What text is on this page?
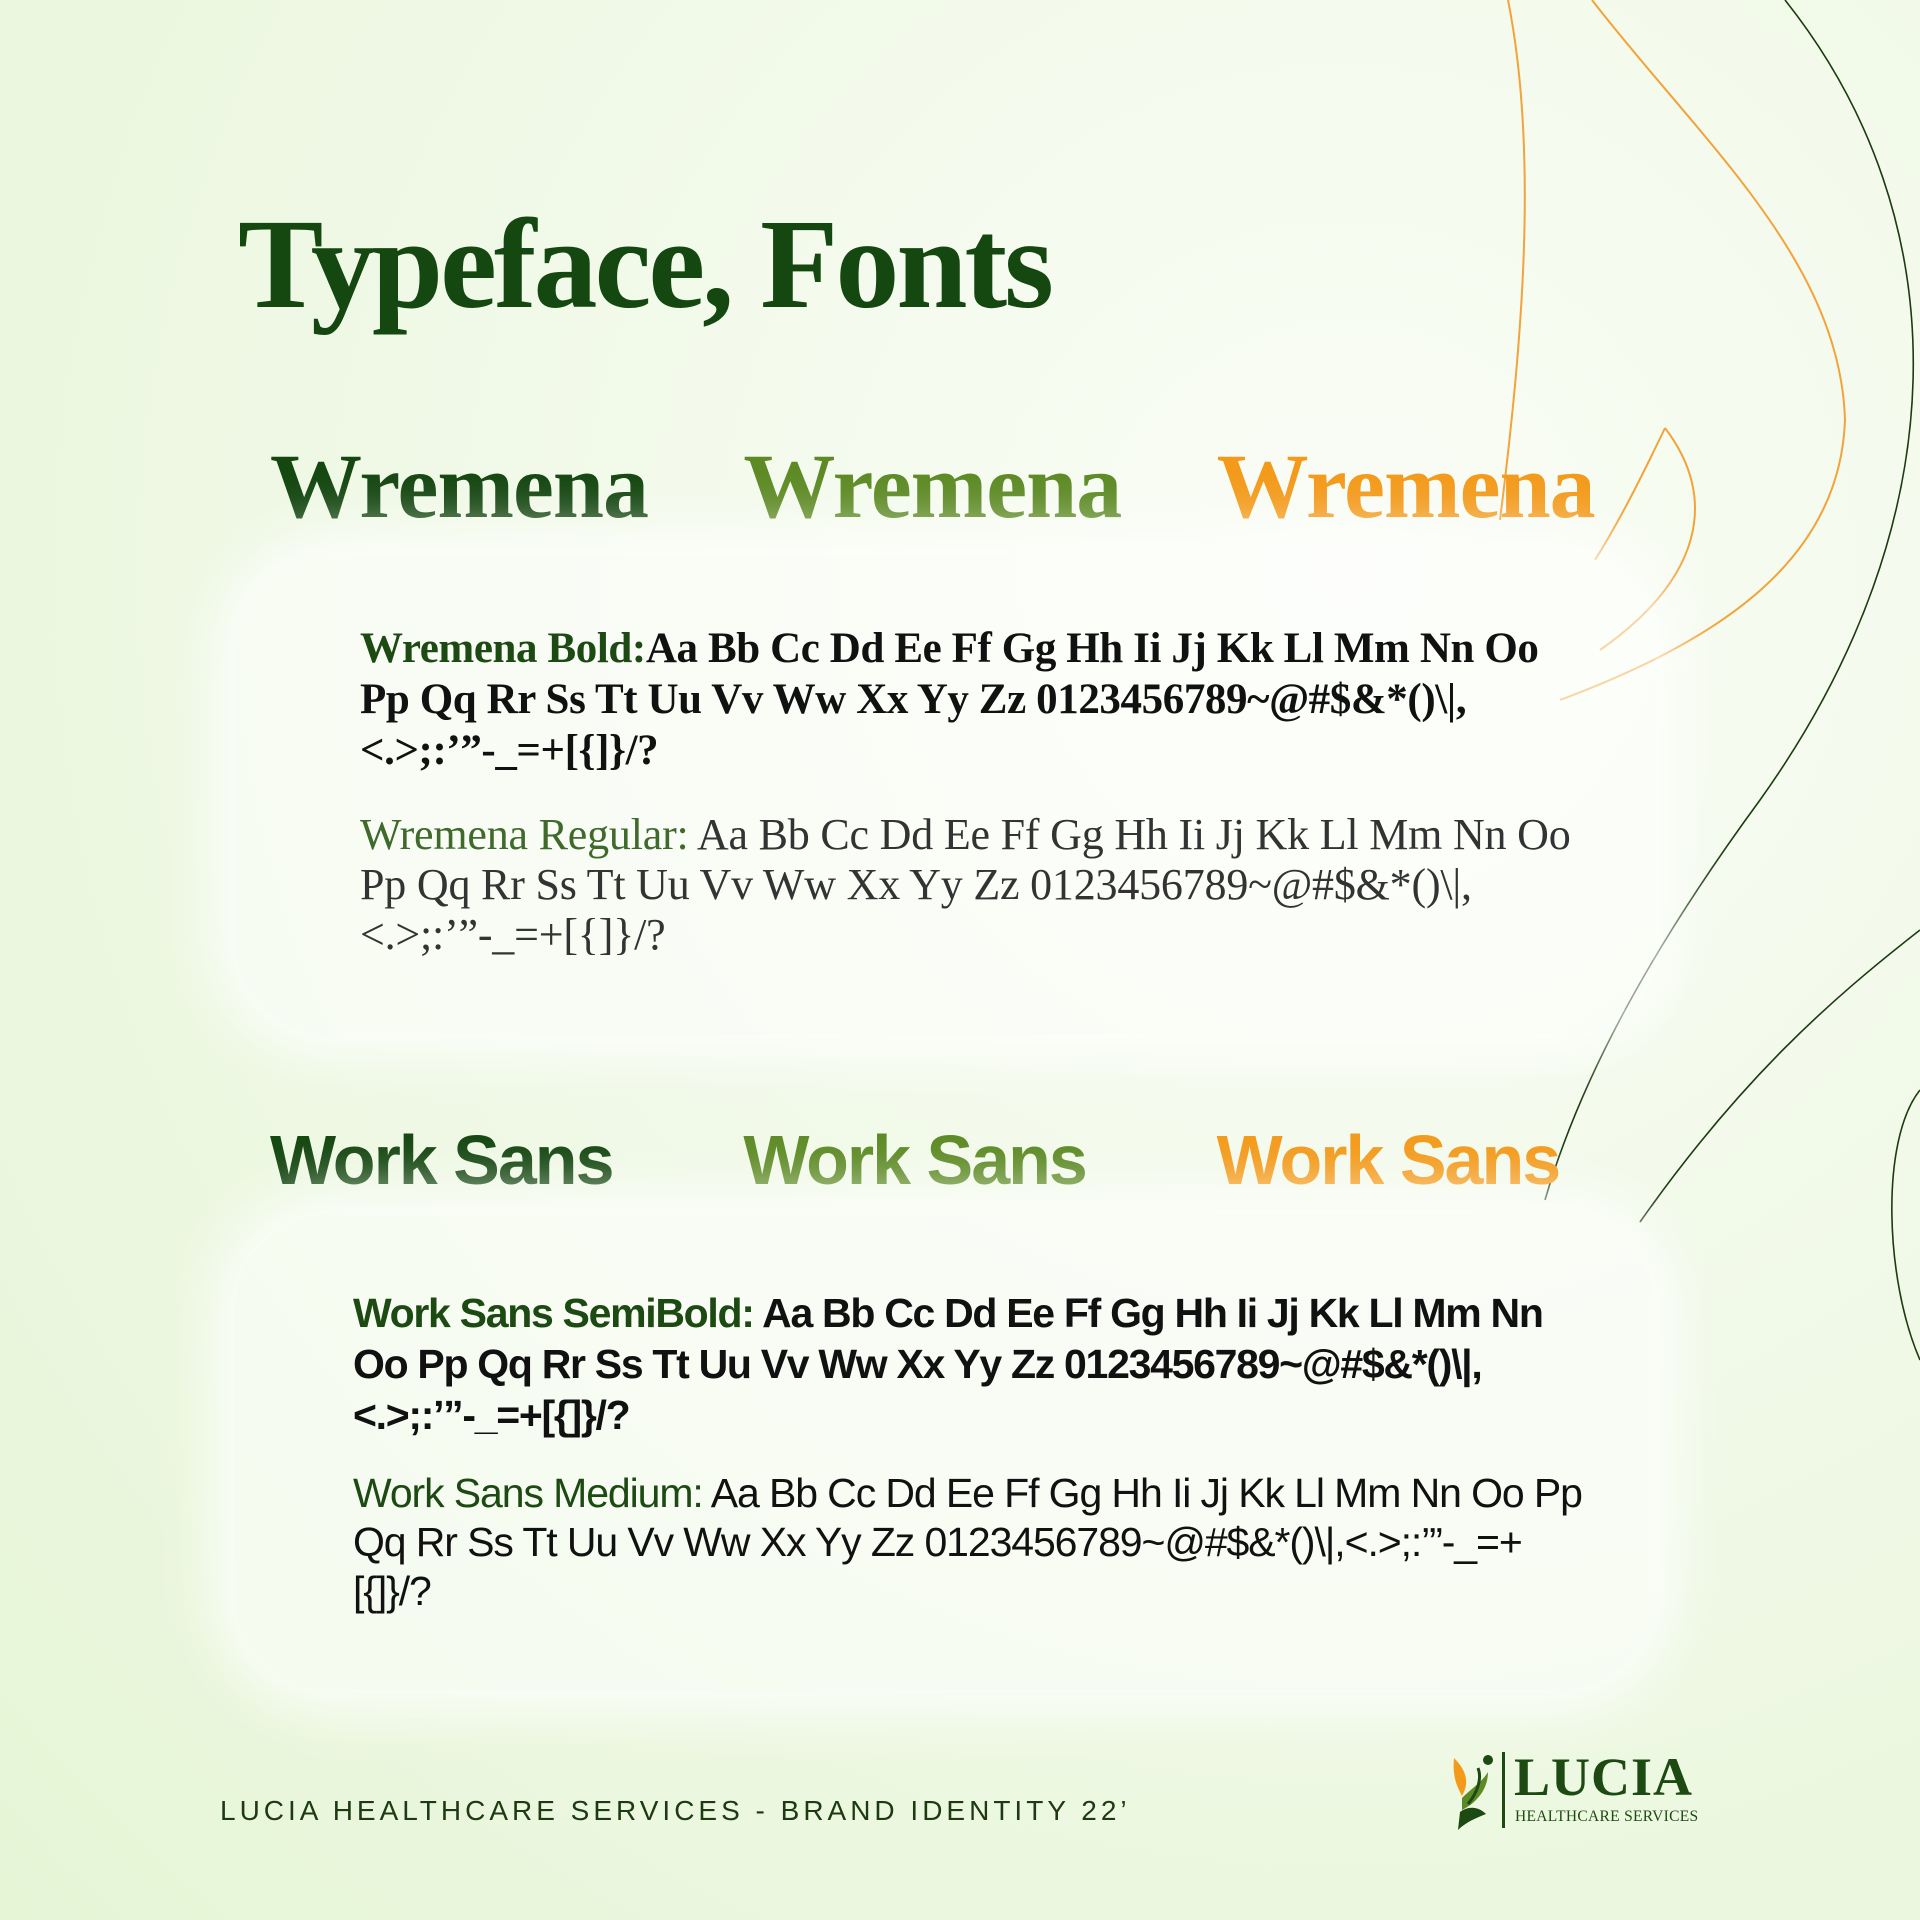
Typeface, Fonts
Wremena	Wremena	Wremena
Wremena Bold:Aa Bb Cc Dd Ee Ff Gg Hh Ii Jj Kk Ll Mm Nn Oo Pp Qq Rr Ss Tt Uu Vv Ww Xx Yy Zz 0123456789~@#$&*()\|,<.>;:’”-_=+[{]}/?
Wremena Regular: Aa Bb Cc Dd Ee Ff Gg Hh Ii Jj Kk Ll Mm Nn Oo Pp Qq Rr Ss Tt Uu Vv Ww Xx Yy Zz 0123456789~@#$&*()\|,<.>;:’”-_=+[{]}/?
Work Sans	Work Sans	Work Sans
Work Sans SemiBold: Aa Bb Cc Dd Ee Ff Gg Hh Ii Jj Kk Ll Mm Nn Oo Pp Qq Rr Ss Tt Uu Vv Ww Xx Yy Zz 0123456789~@#$&*()\|,<.>;:’”-_=+[{]}/?
Work Sans Medium: Aa Bb Cc Dd Ee Ff Gg Hh Ii Jj Kk Ll Mm Nn Oo Pp Qq Rr Ss Tt Uu Vv Ww Xx Yy Zz 0123456789~@#$&*()\|,<.>;:’”-_=+[{]}/?
LUCIA HEALTHCARE SERVICES - BRAND IDENTITY 22’
LUCIA
HEALTHCARE SERVICES
